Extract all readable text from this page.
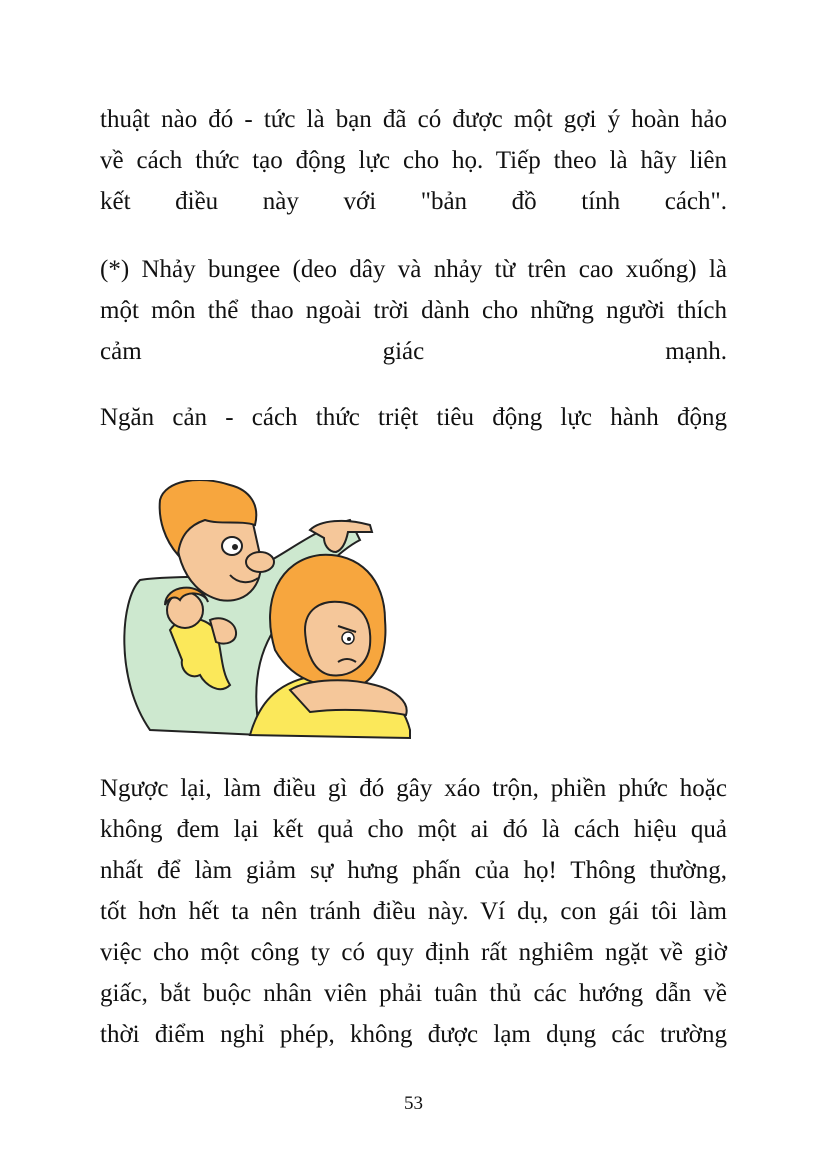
thuật nào đó - tức là bạn đã có được một gợi ý hoàn hảo
về cách thức tạo động lực cho họ. Tiếp theo là hãy liên
kết điều này với "bản đồ tính cách".
(*) Nhảy bungee (deo dây và nhảy từ trên cao xuống) là
một môn thể thao ngoài trời dành cho những người thích
cảm giác mạnh.
Ngăn cản - cách thức triệt tiêu động lực hành động
Ngược lại, làm điều gì đó gây xáo trộn, phiền phức hoặc
không đem lại kết quả cho một ai đó là cách hiệu quả
nhất để làm giảm sự hưng phấn của họ! Thông thường,
tốt hơn hết ta nên tránh điều này. Ví dụ, con gái tôi làm
việc cho một công ty có quy định rất nghiêm ngặt về giờ
giấc, bắt buộc nhân viên phải tuân thủ các hướng dẫn về
thời điểm nghỉ phép, không được lạm dụng các trường
53
